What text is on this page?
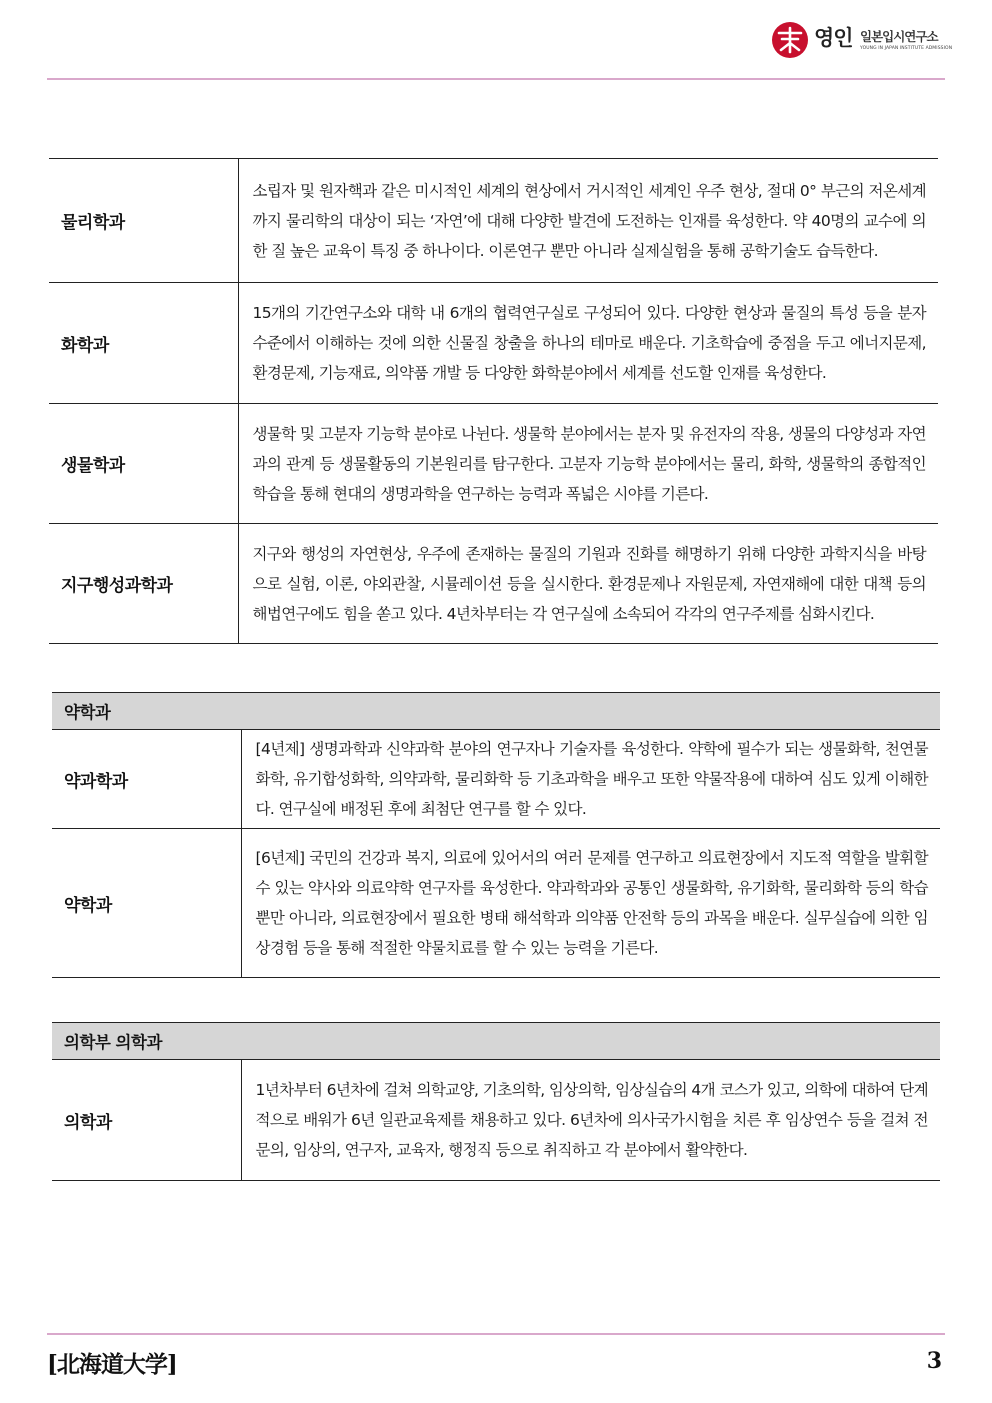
영인 일본입시연구소
YOUNG IN JAPAN INSTITUTE ADMISSION
물리학과	소립자 및 원자핵과 같은 미시적인 세계의 현상에서 거시적인 세계인 우주 현상, 절대 0° 부근의 저온세계까지 물리학의 대상이 되는 ‘자연’에 대해 다양한 발견에 도전하는 인재를 육성한다. 약 40명의 교수에 의한 질 높은 교육이 특징 중 하나이다. 이론연구 뿐만 아니라 실제실험을 통해 공학기술도 습득한다.
화학과	15개의 기간연구소와 대학 내 6개의 협력연구실로 구성되어 있다. 다양한 현상과 물질의 특성 등을 분자수준에서 이해하는 것에 의한 신물질 창출을 하나의 테마로 배운다. 기초학습에 중점을 두고 에너지문제, 환경문제, 기능재료, 의약품 개발 등 다양한 화학분야에서 세계를 선도할 인재를 육성한다.
생물학과	생물학 및 고분자 기능학 분야로 나뉜다. 생물학 분야에서는 분자 및 유전자의 작용, 생물의 다양성과 자연과의 관계 등 생물활동의 기본원리를 탐구한다. 고분자 기능학 분야에서는 물리, 화학, 생물학의 종합적인 학습을 통해 현대의 생명과학을 연구하는 능력과 폭넓은 시야를 기른다.
지구행성과학과	지구와 행성의 자연현상, 우주에 존재하는 물질의 기원과 진화를 해명하기 위해 다양한 과학지식을 바탕으로 실험, 이론, 야외관찰, 시뮬레이션 등을 실시한다. 환경문제나 자원문제, 자연재해에 대한 대책 등의 해법연구에도 힘을 쏟고 있다. 4년차부터는 각 연구실에 소속되어 각각의 연구주제를 심화시킨다.
약학과	
약과학과	[4년제] 생명과학과 신약과학 분야의 연구자나 기술자를 육성한다. 약학에 필수가 되는 생물화학, 천연물화학, 유기합성화학, 의약과학, 물리화학 등 기초과학을 배우고 또한 약물작용에 대하여 심도 있게 이해한다. 연구실에 배정된 후에 최첨단 연구를 할 수 있다.
약학과	[6년제] 국민의 건강과 복지, 의료에 있어서의 여러 문제를 연구하고 의료현장에서 지도적 역할을 발휘할 수 있는 약사와 의료약학 연구자를 육성한다. 약과학과와 공통인 생물화학, 유기화학, 물리화학 등의 학습뿐만 아니라, 의료현장에서 필요한 병태 해석학과 의약품 안전학 등의 과목을 배운다. 실무실습에 의한 임상경험 등을 통해 적절한 약물치료를 할 수 있는 능력을 기른다.
의학부 의학과
의학과	1년차부터 6년차에 걸쳐 의학교양, 기초의학, 임상의학, 임상실습의 4개 코스가 있고, 의학에 대하여 단계적으로 배워가 6년 일관교육제를 채용하고 있다. 6년차에 의사국가시험을 치른 후 임상연수 등을 걸쳐 전문의, 임상의, 연구자, 교육자, 행정직 등으로 취직하고 각 분야에서 활약한다.
[北海道大学]	3
